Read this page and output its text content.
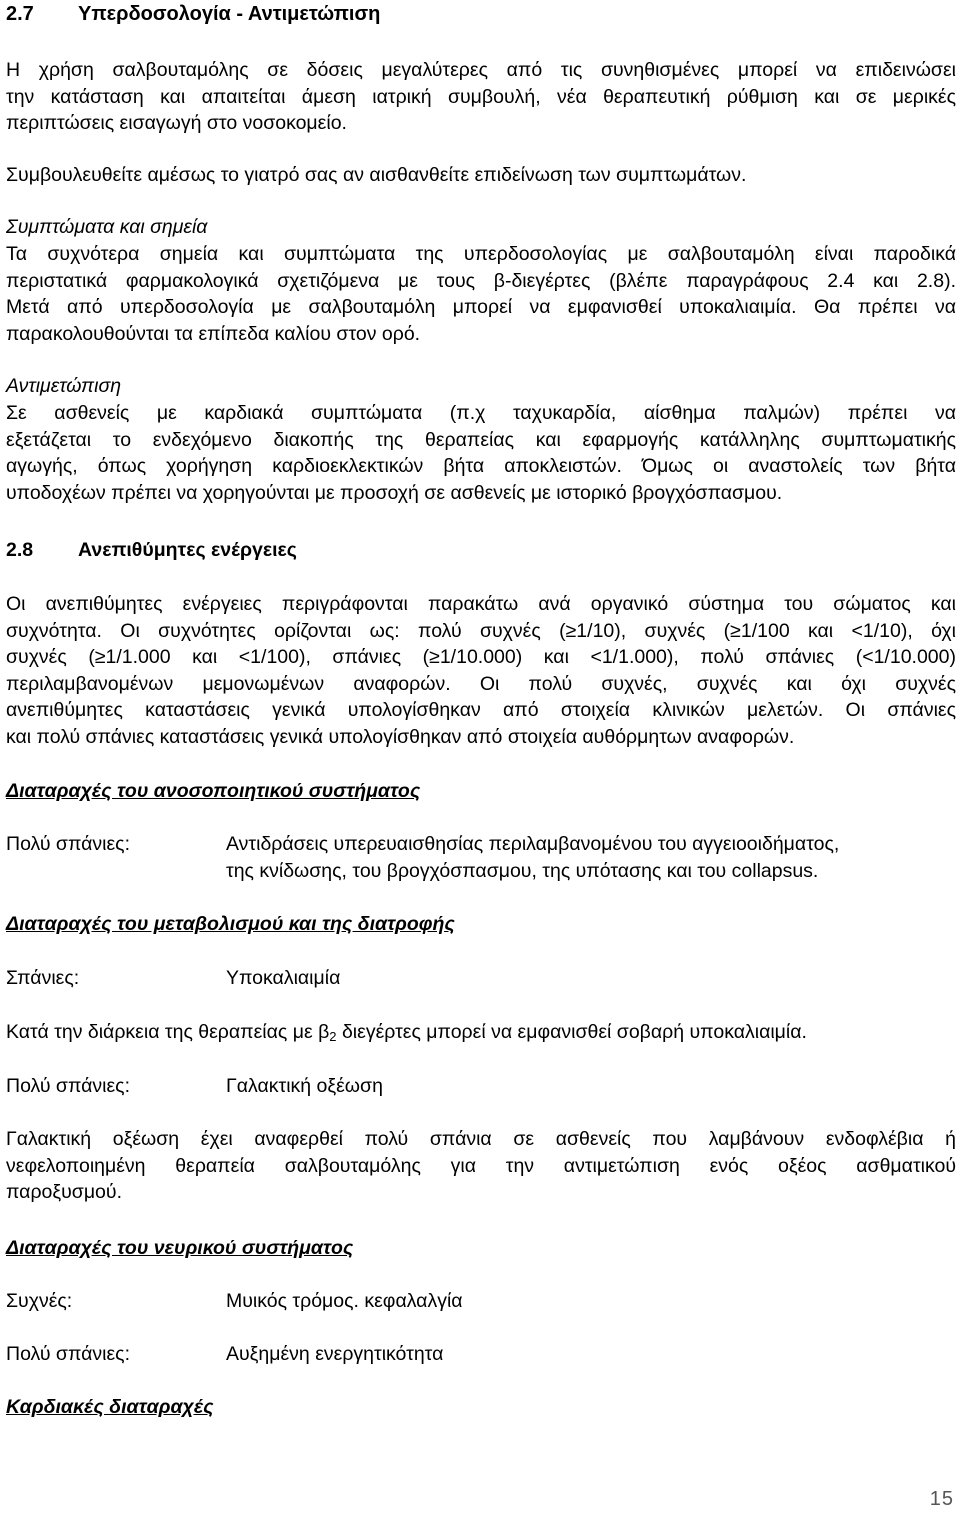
2.7 Υπερδοσολογία - Αντιμετώπιση
Η χρήση σαλβουταμόλης σε δόσεις μεγαλύτερες από τις συνηθισμένες μπορεί να επιδεινώσει
την κατάσταση και απαιτείται άμεση ιατρική συμβουλή, νέα θεραπευτική ρύθμιση και σε μερικές
περιπτώσεις εισαγωγή στο νοσοκομείο.
Συμβουλευθείτε αμέσως το γιατρό σας αν αισθανθείτε επιδείνωση των συμπτωμάτων.
Συμπτώματα και σημεία
Τα συχνότερα σημεία και συμπτώματα της υπερδοσολογίας με σαλβουταμόλη είναι παροδικά
περιστατικά φαρμακολογικά σχετιζόμενα με τους β-διεγέρτες (βλέπε παραγράφους 2.4 και 2.8).
Μετά από υπερδοσολογία με σαλβουταμόλη μπορεί να εμφανισθεί υποκαλιαιμία. Θα πρέπει να
παρακολουθούνται τα επίπεδα καλίου στον ορό.
Αντιμετώπιση
Σε ασθενείς με καρδιακά συμπτώματα (π.χ ταχυκαρδία, αίσθημα παλμών) πρέπει να
εξετάζεται το ενδεχόμενο διακοπής της θεραπείας και εφαρμογής κατάλληλης συμπτωματικής
αγωγής, όπως χορήγηση καρδιοεκλεκτικών βήτα αποκλειστών. Όμως οι αναστολείς των βήτα
υποδοχέων πρέπει να χορηγούνται με προσοχή σε ασθενείς με ιστορικό βρογχόσπασμου.
2.8 Ανεπιθύμητες ενέργειες
Οι ανεπιθύμητες ενέργειες περιγράφονται παρακάτω ανά οργανικό σύστημα του σώματος και
συχνότητα. Οι συχνότητες ορίζονται ως: πολύ συχνές (≥1/10), συχνές (≥1/100 και <1/10), όχι
συχνές (≥1/1.000 και <1/100), σπάνιες (≥1/10.000) και <1/1.000), πολύ σπάνιες (<1/10.000)
περιλαμβανομένων μεμονωμένων αναφορών. Οι πολύ συχνές, συχνές και όχι συχνές
ανεπιθύμητες καταστάσεις γενικά υπολογίσθηκαν από στοιχεία κλινικών μελετών. Οι σπάνιες
και πολύ σπάνιες καταστάσεις γενικά υπολογίσθηκαν από στοιχεία αυθόρμητων αναφορών.
Διαταραχές του ανοσοποιητικού συστήματος
Πολύ σπάνιες:	Αντιδράσεις υπερευαισθησίας περιλαμβανομένου του αγγειοοιδήματος,
της κνίδωσης, του βρογχόσπασμου, της υπότασης και του collapsus.
Διαταραχές του μεταβολισμού και της διατροφής
Σπάνιες:	Υποκαλιαιμία
Κατά την διάρκεια της θεραπείας με $\beta_2$ διεγέρτες μπορεί να εμφανισθεί σοβαρή υποκαλιαιμία.
Πολύ σπάνιες:	Γαλακτική οξέωση
Γαλακτική οξέωση έχει αναφερθεί πολύ σπάνια σε ασθενείς που λαμβάνουν ενδοφλέβια ή
νεφελοποιημένη θεραπεία σαλβουταμόλης για την αντιμετώπιση ενός οξέος ασθματικού
παροξυσμού.
Διαταραχές του νευρικού συστήματος
Συχνές:	Μυικός τρόμος. κεφαλαλγία
Πολύ σπάνιες:	Αυξημένη ενεργητικότητα
Καρδιακές διαταραχές
15
